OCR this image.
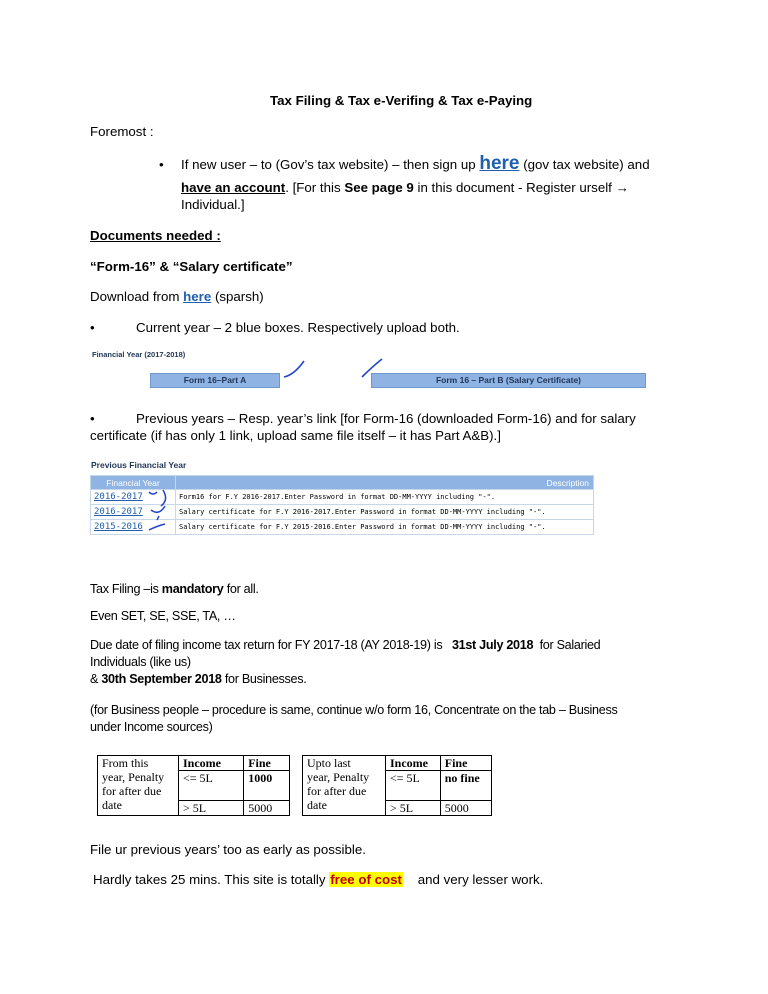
Tax Filing & Tax e-Verifing & Tax e-Paying
Foremost :
• If new user – to (Gov’s tax website) – then sign up here (gov tax website) and
have an account. [For this See page 9 in this document - Register urself →
Individual.]
Documents needed :
“Form-16” & “Salary certificate”
Download from here (sparsh)
•	Current year – 2 blue boxes. Respectively upload both.
Financial Year (2017-2018)
Form 16–Part A	Form 16 – Part B (Salary Certificate)
•	Previous years – Resp. year’s link [for Form-16 (downloaded Form-16) and for salary
certificate (if has only 1 link, upload same file itself – it has Part A&B).]
Previous Financial Year
Financial Year	Description
2016-2017	Form16 for F.Y 2016-2017.Enter Password in format DD-MM-YYYY including "-".
2016-2017	Salary certificate for F.Y 2016-2017.Enter Password in format DD-MM-YYYY including "-".
2015-2016	Salary certificate for F.Y 2015-2016.Enter Password in format DD-MM-YYYY including "-".
Tax Filing –is mandatory for all.
Even SET, SE, SSE, TA, …
Due date of filing income tax return for FY 2017-18 (AY 2018-19) is 31st July 2018 for Salaried
Individuals (like us)
& 30th September 2018 for Businesses.
(for Business people – procedure is same, continue w/o form 16, Concentrate on the tab – Business
under Income sources)
From this
year, Penalty
for after due
date	Income	Fine
	<= 5L	1000
	> 5L	5000
Upto last
year, Penalty
for after due
date	Income	Fine
	<= 5L	no fine
	> 5L	5000
File ur previous years’ too as early as possible.
Hardly takes 25 mins. This site is totally free of cost and very lesser work.
